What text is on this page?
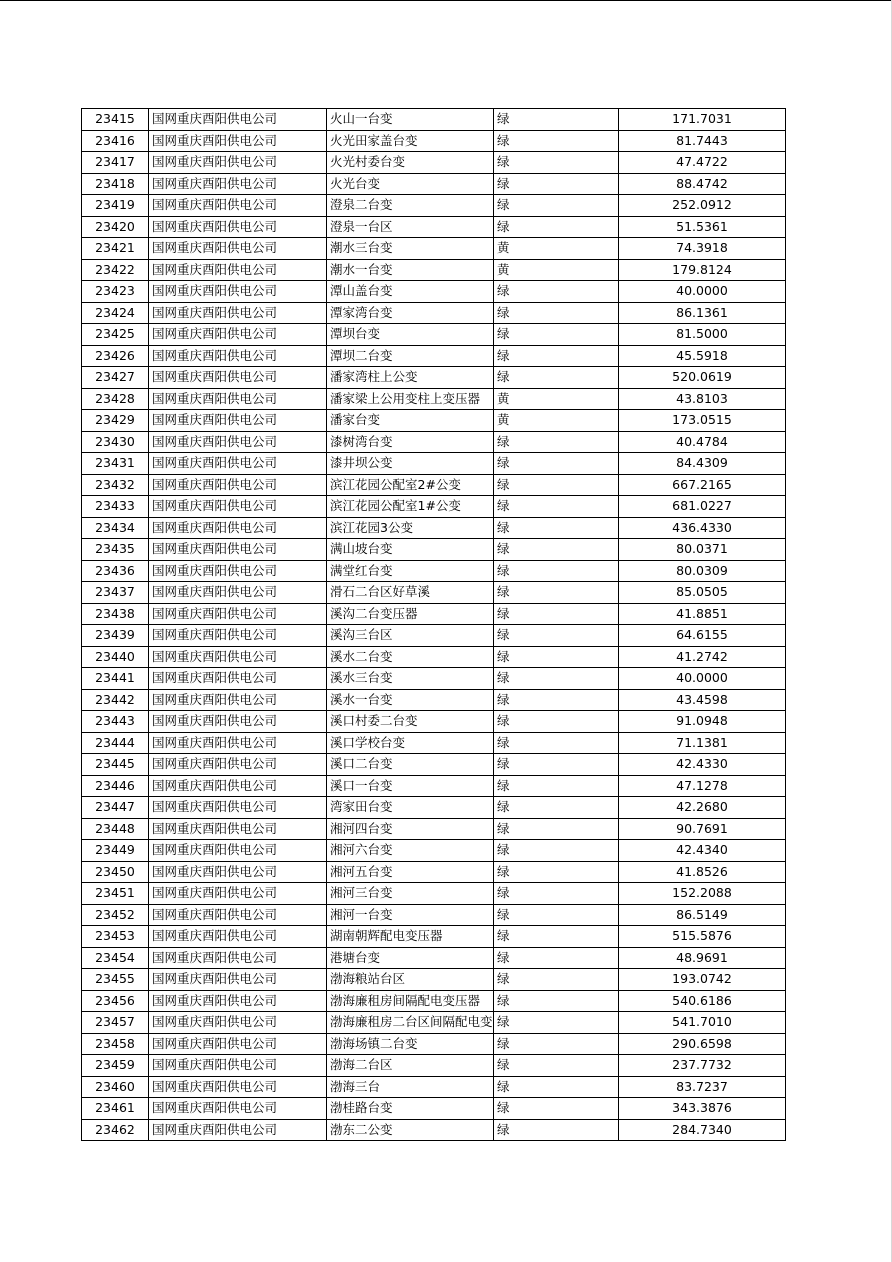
23415	国网重庆酉阳供电公司	火山一台变	绿	171.7031
23416	国网重庆酉阳供电公司	火光田家盖台变	绿	81.7443
23417	国网重庆酉阳供电公司	火光村委台变	绿	47.4722
23418	国网重庆酉阳供电公司	火光台变	绿	88.4742
23419	国网重庆酉阳供电公司	澄泉二台变	绿	252.0912
23420	国网重庆酉阳供电公司	澄泉一台区	绿	51.5361
23421	国网重庆酉阳供电公司	潮水三台变	黄	74.3918
23422	国网重庆酉阳供电公司	潮水一台变	黄	179.8124
23423	国网重庆酉阳供电公司	潭山盖台变	绿	40.0000
23424	国网重庆酉阳供电公司	潭家湾台变	绿	86.1361
23425	国网重庆酉阳供电公司	潭坝台变	绿	81.5000
23426	国网重庆酉阳供电公司	潭坝二台变	绿	45.5918
23427	国网重庆酉阳供电公司	潘家湾柱上公变	绿	520.0619
23428	国网重庆酉阳供电公司	潘家梁上公用变柱上变压器	黄	43.8103
23429	国网重庆酉阳供电公司	潘家台变	黄	173.0515
23430	国网重庆酉阳供电公司	漆树湾台变	绿	40.4784
23431	国网重庆酉阳供电公司	漆井坝公变	绿	84.4309
23432	国网重庆酉阳供电公司	滨江花园公配室2#公变	绿	667.2165
23433	国网重庆酉阳供电公司	滨江花园公配室1#公变	绿	681.0227
23434	国网重庆酉阳供电公司	滨江花园3公变	绿	436.4330
23435	国网重庆酉阳供电公司	满山坡台变	绿	80.0371
23436	国网重庆酉阳供电公司	满堂红台变	绿	80.0309
23437	国网重庆酉阳供电公司	滑石二台区好草溪	绿	85.0505
23438	国网重庆酉阳供电公司	溪沟二台变压器	绿	41.8851
23439	国网重庆酉阳供电公司	溪沟三台区	绿	64.6155
23440	国网重庆酉阳供电公司	溪水二台变	绿	41.2742
23441	国网重庆酉阳供电公司	溪水三台变	绿	40.0000
23442	国网重庆酉阳供电公司	溪水一台变	绿	43.4598
23443	国网重庆酉阳供电公司	溪口村委二台变	绿	91.0948
23444	国网重庆酉阳供电公司	溪口学校台变	绿	71.1381
23445	国网重庆酉阳供电公司	溪口二台变	绿	42.4330
23446	国网重庆酉阳供电公司	溪口一台变	绿	47.1278
23447	国网重庆酉阳供电公司	湾家田台变	绿	42.2680
23448	国网重庆酉阳供电公司	湘河四台变	绿	90.7691
23449	国网重庆酉阳供电公司	湘河六台变	绿	42.4340
23450	国网重庆酉阳供电公司	湘河五台变	绿	41.8526
23451	国网重庆酉阳供电公司	湘河三台变	绿	152.2088
23452	国网重庆酉阳供电公司	湘河一台变	绿	86.5149
23453	国网重庆酉阳供电公司	湖南朝辉配电变压器	绿	515.5876
23454	国网重庆酉阳供电公司	港塘台变	绿	48.9691
23455	国网重庆酉阳供电公司	渤海粮站台区	绿	193.0742
23456	国网重庆酉阳供电公司	渤海廉租房间隔配电变压器	绿	540.6186
23457	国网重庆酉阳供电公司	渤海廉租房二台区间隔配电变	绿	541.7010
23458	国网重庆酉阳供电公司	渤海场镇二台变	绿	290.6598
23459	国网重庆酉阳供电公司	渤海二台区	绿	237.7732
23460	国网重庆酉阳供电公司	渤海三台	绿	83.7237
23461	国网重庆酉阳供电公司	渤桂路台变	绿	343.3876
23462	国网重庆酉阳供电公司	渤东二公变	绿	284.7340
